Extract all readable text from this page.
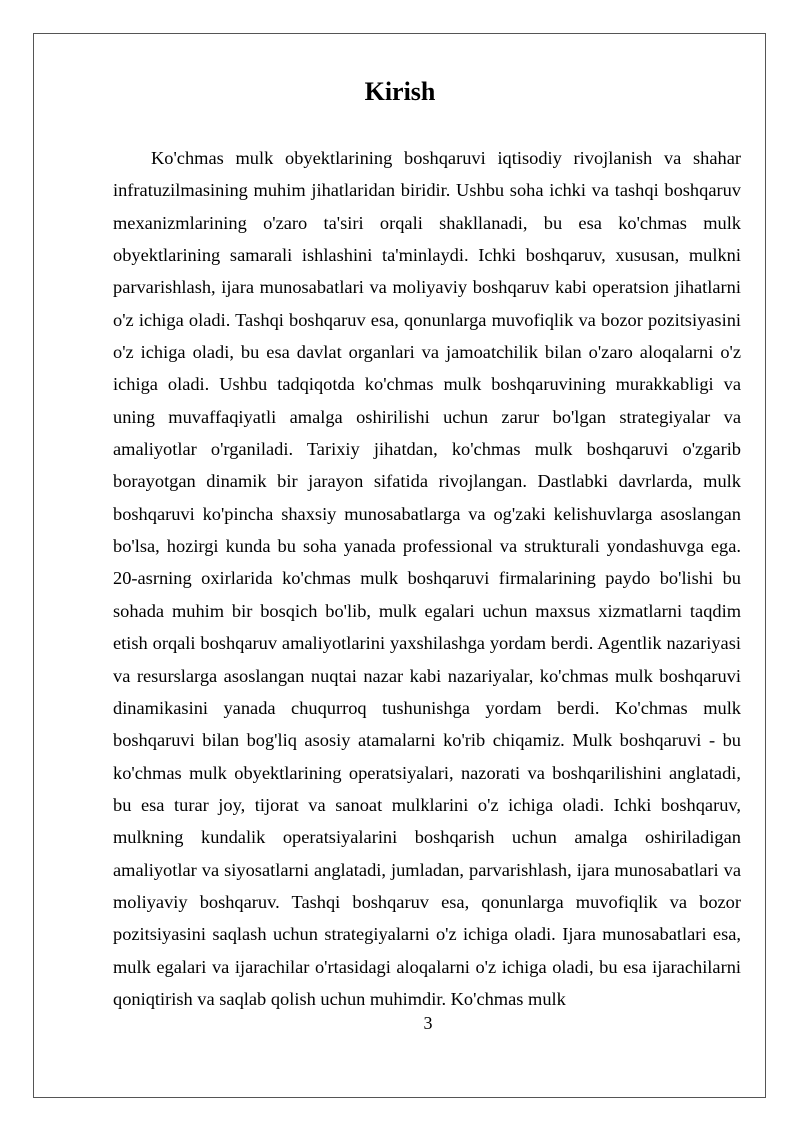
Kirish

Ko'chmas mulk obyektlarining boshqaruvi iqtisodiy rivojlanish va shahar infratuzilmasining muhim jihatlaridan biridir. Ushbu soha ichki va tashqi boshqaruv mexanizmlarining o'zaro ta'siri orqali shakllanadi, bu esa ko'chmas mulk obyektlarining samarali ishlashini ta'minlaydi. Ichki boshqaruv, xususan, mulkni parvarishlash, ijara munosabatlari va moliyaviy boshqaruv kabi operatsion jihatlarni o'z ichiga oladi. Tashqi boshqaruv esa, qonunlarga muvofiqlik va bozor pozitsiyasini o'z ichiga oladi, bu esa davlat organlari va jamoatchilik bilan o'zaro aloqalarni o'z ichiga oladi. Ushbu tadqiqotda ko'chmas mulk boshqaruvining murakkabligi va uning muvaffaqiyatli amalga oshirilishi uchun zarur bo'lgan strategiyalar va amaliyotlar o'rganiladi. Tarixiy jihatdan, ko'chmas mulk boshqaruvi o'zgarib borayotgan dinamik bir jarayon sifatida rivojlangan. Dastlabki davrlarda, mulk boshqaruvi ko'pincha shaxsiy munosabatlarga va og'zaki kelishuvlarga asoslangan bo'lsa, hozirgi kunda bu soha yanada professional va strukturali yondashuvga ega. 20-asrning oxirlarida ko'chmas mulk boshqaruvi firmalarining paydo bo'lishi bu sohada muhim bir bosqich bo'lib, mulk egalari uchun maxsus xizmatlarni taqdim etish orqali boshqaruv amaliyotlarini yaxshilashga yordam berdi. Agentlik nazariyasi va resurslarga asoslangan nuqtai nazar kabi nazariyalar, ko'chmas mulk boshqaruvi dinamikasini yanada chuqurroq tushunishga yordam berdi. Ko'chmas mulk boshqaruvi bilan bog'liq asosiy atamalarni ko'rib chiqamiz. Mulk boshqaruvi - bu ko'chmas mulk obyektlarining operatsiyalari, nazorati va boshqarilishini anglatadi, bu esa turar joy, tijorat va sanoat mulklarini o'z ichiga oladi. Ichki boshqaruv, mulkning kundalik operatsiyalarini boshqarish uchun amalga oshiriladigan amaliyotlar va siyosatlarni anglatadi, jumladan, parvarishlash, ijara munosabatlari va moliyaviy boshqaruv. Tashqi boshqaruv esa, qonunlarga muvofiqlik va bozor pozitsiyasini saqlash uchun strategiyalarni o'z ichiga oladi. Ijara munosabatlari esa, mulk egalari va ijarachilar o'rtasidagi aloqalarni o'z ichiga oladi, bu esa ijarachilarni qoniqtirish va saqlab qolish uchun muhimdir. Ko'chmas mulk

3
